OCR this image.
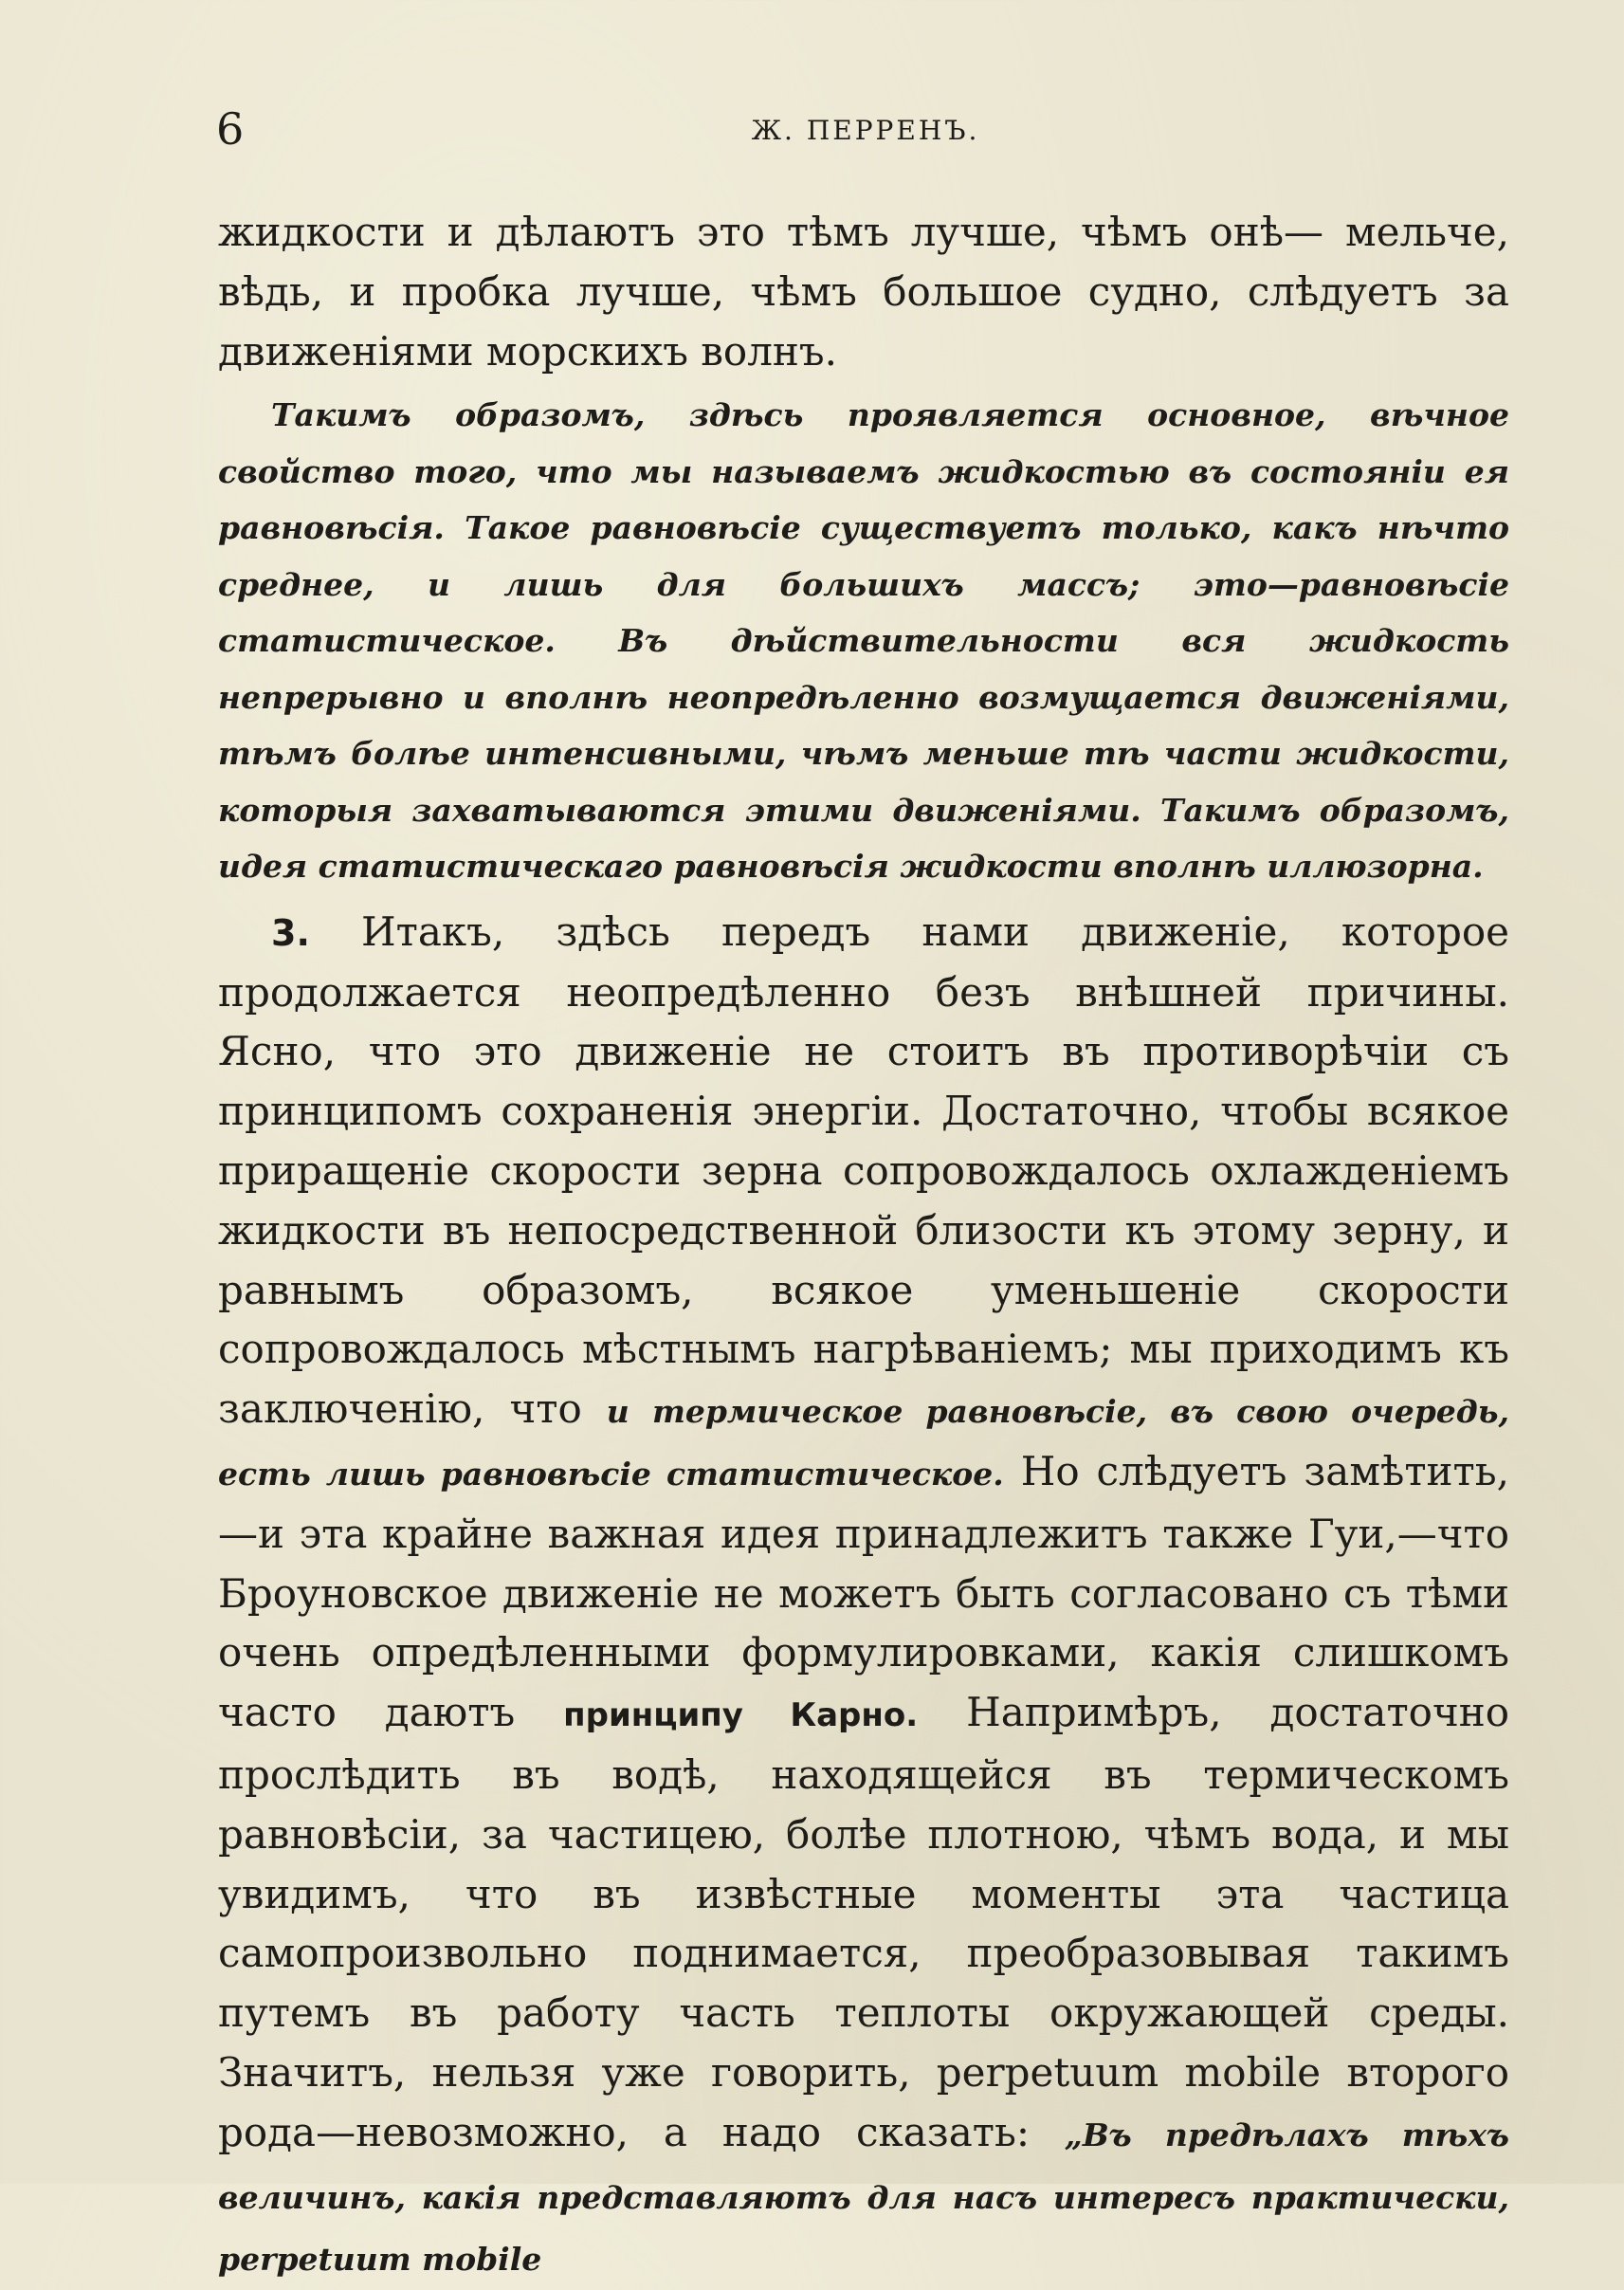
6	Ж. ПЕРРЕНЪ.

жидкости и дѣлаютъ это тѣмъ лучше, чѣмъ онѣ— мельче, вѣдь, и пробка лучше, чѣмъ большое судно, слѣдуетъ за движеніями морскихъ волнъ.

Такимъ образомъ, здѣсь проявляется основное, вѣчное свойство того, что мы называемъ жидкостью въ состояніи ея равновѣсія. Такое равновѣсіе существуетъ только, какъ нѣчто среднее, и лишь для большихъ массъ; это—равновѣсіе статистическое. Въ дѣйствительности вся жидкость непрерывно и вполнѣ неопредѣленно возмущается движеніями, тѣмъ болѣе интенсивными, чѣмъ меньше тѣ части жидкости, которыя захватываются этими движеніями. Такимъ образомъ, идея статистическаго равновѣсія жидкости вполнѣ иллюзорна.

3. Итакъ, здѣсь передъ нами движеніе, которое продолжается неопредѣленно безъ внѣшней причины. Ясно, что это движеніе не стоитъ въ противорѣчіи съ принципомъ сохраненія энергіи. Достаточно, чтобы всякое приращеніе скорости зерна сопровождалось охлажденіемъ жидкости въ непосредственной близости къ этому зерну, и равнымъ образомъ, всякое уменьшеніе скорости сопровождалось мѣстнымъ нагрѣваніемъ; мы приходимъ къ заключенію, что и термическое равновѣсіе, въ свою очередь, есть лишь равновѣсіе статистическое. Но слѣдуетъ замѣтить,—и эта крайне важная идея принадлежитъ также Гуи,—что Броуновское движеніе не можетъ быть согласовано съ тѣми очень опредѣленными формулировками, какія слишкомъ часто даютъ принципу Карно. Напримѣръ, достаточно прослѣдить въ водѣ, находящейся въ термическомъ равновѣсіи, за частицею, болѣе плотною, чѣмъ вода, и мы увидимъ, что въ извѣстные моменты эта частица самопроизвольно поднимается, преобразовывая такимъ путемъ въ работу часть теплоты окружающей среды. Значитъ, нельзя уже говорить, perpetuum mobile второго рода—невозможно, а надо сказать: „Въ предѣлахъ тѣхъ величинъ, какія представляютъ для насъ интересъ практически, perpetuum mobile
